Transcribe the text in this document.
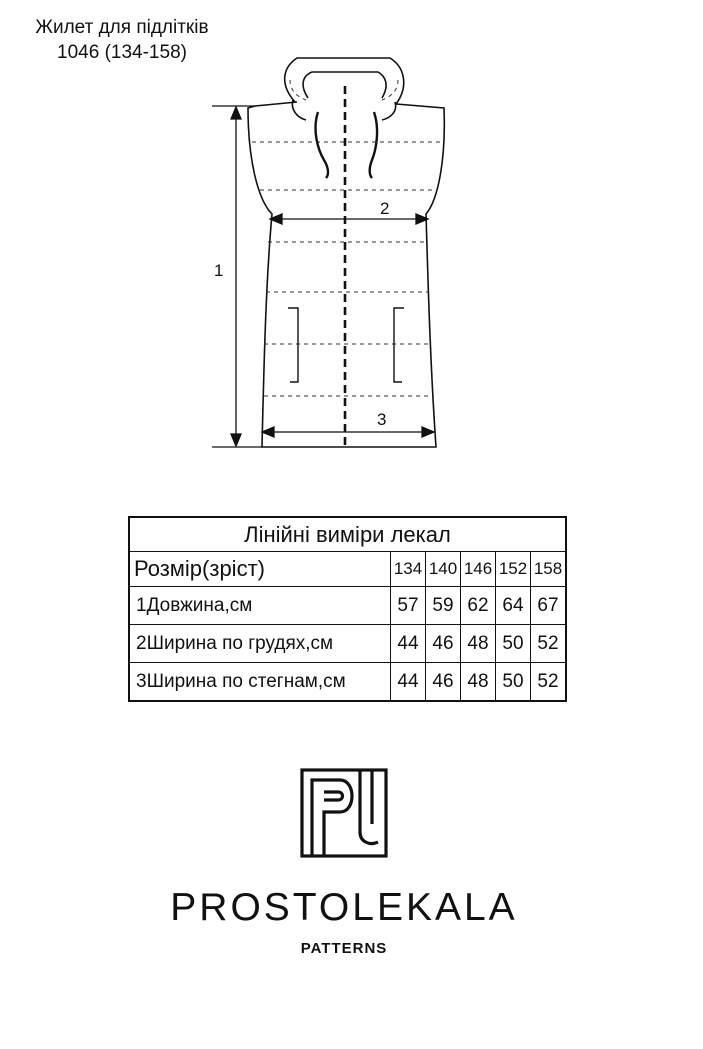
Жилет для підлітків
1046 (134-158)
1
2
3
Лінійні виміри лекал					
Розмір(зріст)	134	140	146	152	158
1Довжина,см	57	59	62	64	67
2Ширина по грудях,см	44	46	48	50	52
3Ширина по стегнам,см	44	46	48	50	52
PROSTOLEKALA
PATTERNS
